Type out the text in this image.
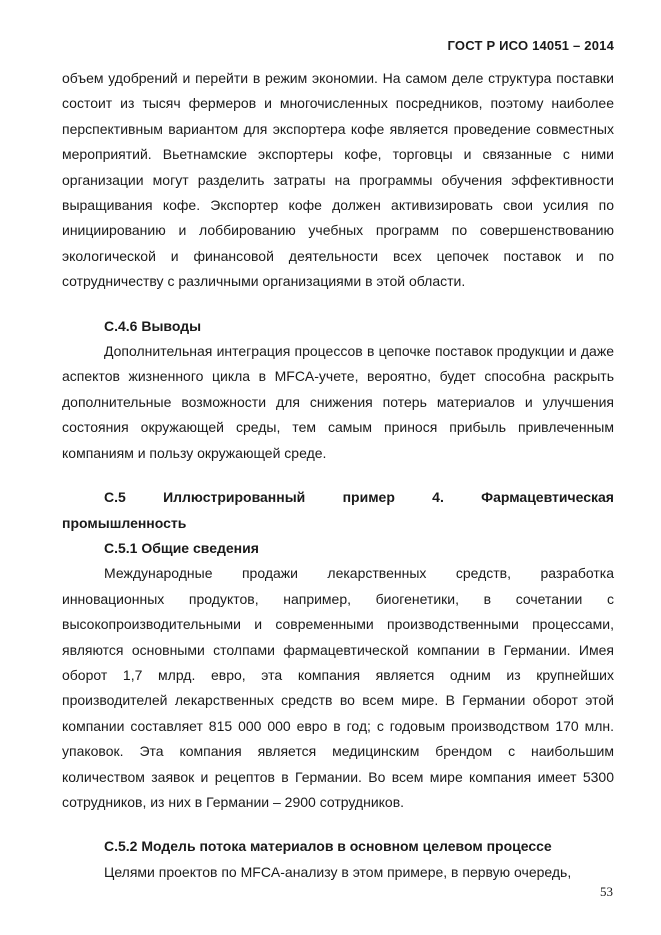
ГОСТ Р ИСО 14051 – 2014

объем удобрений и перейти в режим экономии. На самом деле структура поставки состоит из тысяч фермеров и многочисленных посредников, поэтому наиболее перспективным вариантом для экспортера кофе является проведение совместных мероприятий. Вьетнамские экспортеры кофе, торговцы и связанные с ними организации могут разделить затраты на программы обучения эффективности выращивания кофе. Экспортер кофе должен активизировать свои усилия по инициированию и лоббированию учебных программ по совершенствованию экологической и финансовой деятельности всех цепочек поставок и по сотрудничеству с различными организациями в этой области.

С.4.6 Выводы

Дополнительная интеграция процессов в цепочке поставок продукции и даже аспектов жизненного цикла в MFCA-учете, вероятно, будет способна раскрыть дополнительные возможности для снижения потерь материалов и улучшения состояния окружающей среды, тем самым принося прибыль привлеченным компаниям и пользу окружающей среде.

С.5	Иллюстрированный	пример	4.	Фармацевтическая

промышленность

С.5.1 Общие сведения

Международные продажи лекарственных средств, разработка инновационных продуктов, например, биогенетики, в сочетании с высокопроизводительными и современными производственными процессами, являются основными столпами фармацевтической компании в Германии. Имея оборот 1,7 млрд. евро, эта компания является одним из крупнейших производителей лекарственных средств во всем мире. В Германии оборот этой компании составляет 815 000 000 евро в год; с годовым производством 170 млн. упаковок. Эта компания является медицинским брендом с наибольшим количеством заявок и рецептов в Германии. Во всем мире компания имеет 5300 сотрудников, из них в Германии – 2900 сотрудников.

С.5.2 Модель потока материалов в основном целевом процессе

Целями проектов по MFCA-анализу в этом примере, в первую очередь,

53
